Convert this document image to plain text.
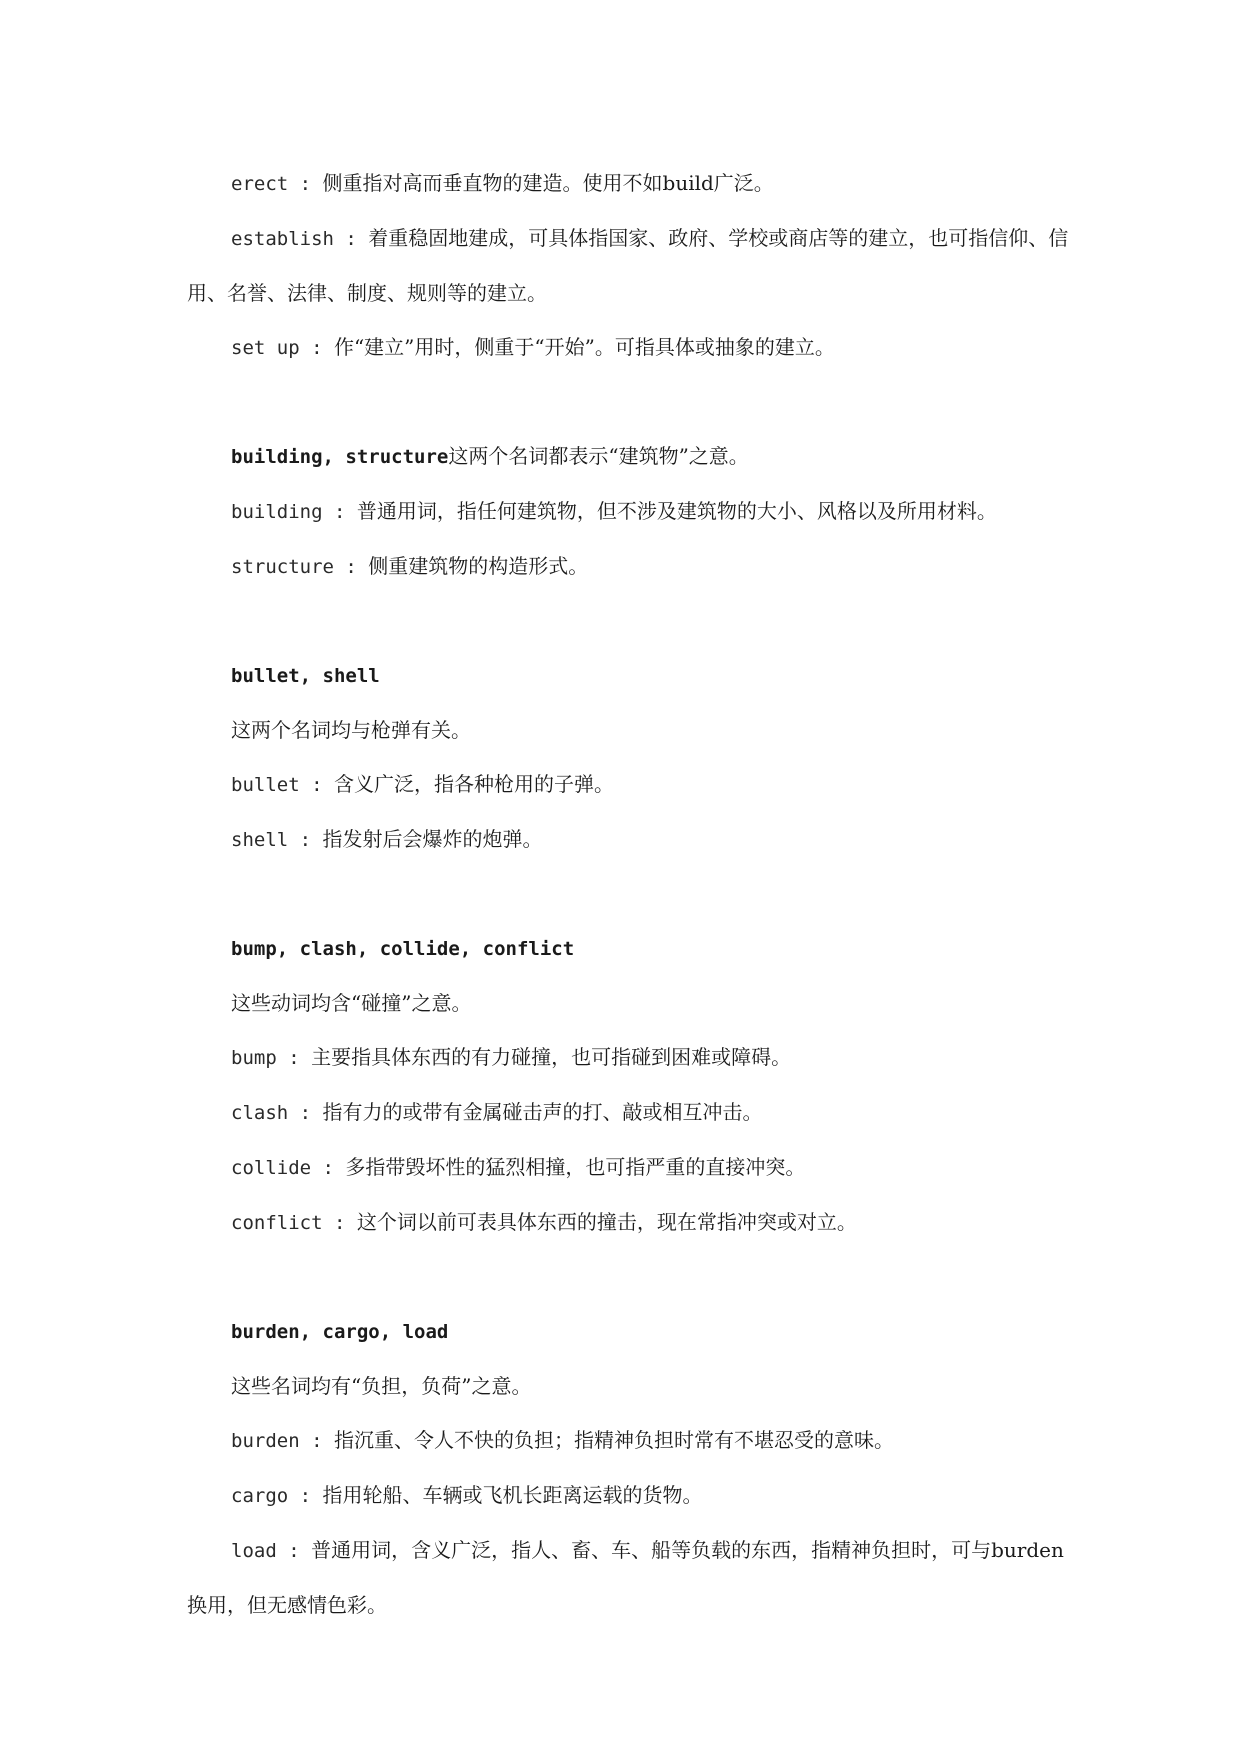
erect : 侧重指对高而垂直物的建造。使用不如build广泛。

establish : 着重稳固地建成，可具体指国家、政府、学校或商店等的建立，也可指信仰、信用、名誉、法律、制度、规则等的建立。

set up : 作“建立”用时，侧重于“开始”。可指具体或抽象的建立。

building, structure这两个名词都表示“建筑物”之意。

building : 普通用词，指任何建筑物，但不涉及建筑物的大小、风格以及所用材料。

structure : 侧重建筑物的构造形式。

bullet, shell

这两个名词均与枪弹有关。

bullet : 含义广泛，指各种枪用的子弹。

shell : 指发射后会爆炸的炮弹。

bump, clash, collide, conflict

这些动词均含“碰撞”之意。

bump : 主要指具体东西的有力碰撞，也可指碰到困难或障碍。

clash : 指有力的或带有金属碰击声的打、敲或相互冲击。

collide : 多指带毁坏性的猛烈相撞，也可指严重的直接冲突。

conflict : 这个词以前可表具体东西的撞击，现在常指冲突或对立。

burden, cargo, load

这些名词均有“负担，负荷”之意。

burden : 指沉重、令人不快的负担；指精神负担时常有不堪忍受的意味。

cargo : 指用轮船、车辆或飞机长距离运载的货物。

load : 普通用词，含义广泛，指人、畜、车、船等负载的东西，指精神负担时，可与burden换用，但无感情色彩。
